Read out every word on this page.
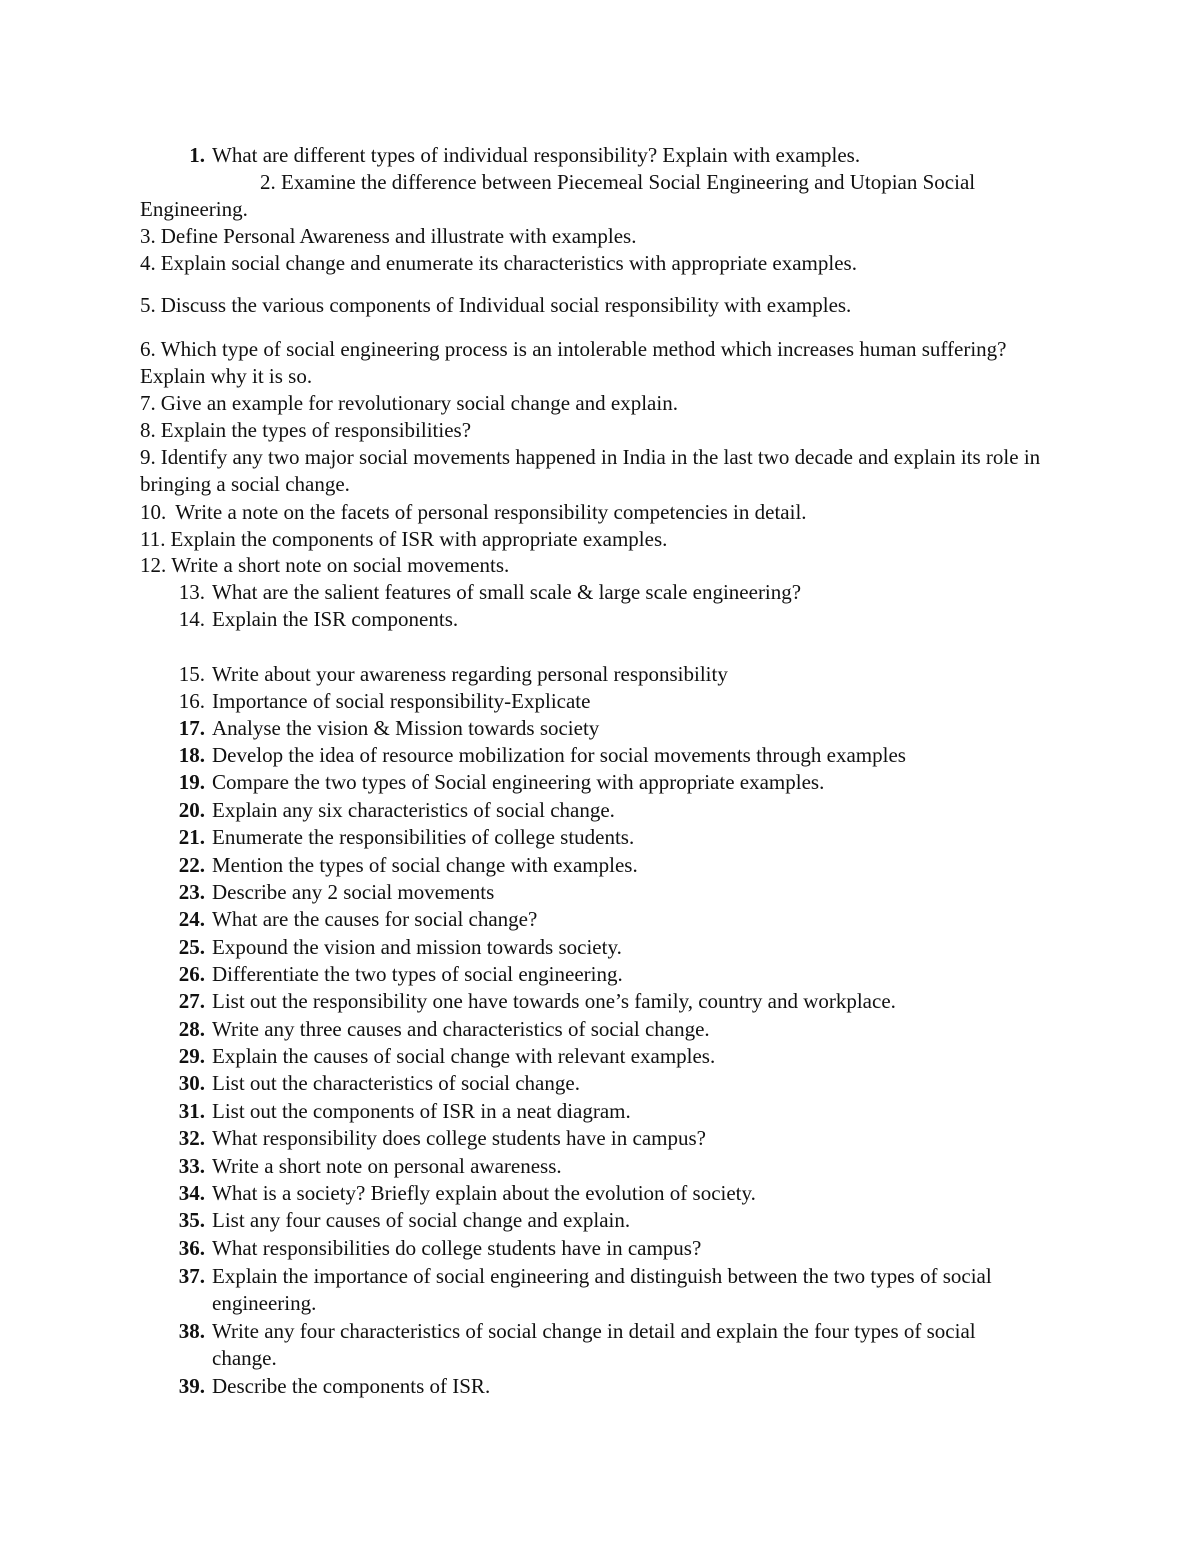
1. What are different types of individual responsibility? Explain with examples.

2. Examine the difference between Piecemeal Social Engineering and Utopian Social Engineering.

3. Define Personal Awareness and illustrate with examples.

4. Explain social change and enumerate its characteristics with appropriate examples.

5. Discuss the various components of Individual social responsibility with examples.

6. Which type of social engineering process is an intolerable method which increases human suffering? Explain why it is so.

7. Give an example for revolutionary social change and explain.

8. Explain the types of responsibilities?

9. Identify any two major social movements happened in India in the last two decade and explain its role in bringing a social change.

10. Write a note on the facets of personal responsibility competencies in detail.

11. Explain the components of ISR with appropriate examples.

12. Write a short note on social movements.

13. What are the salient features of small scale & large scale engineering?

14. Explain the ISR components.

15. Write about your awareness regarding personal responsibility

16. Importance of social responsibility-Explicate

17. Analyse the vision & Mission towards society

18. Develop the idea of resource mobilization for social movements through examples

19. Compare the two types of Social engineering with appropriate examples.

20. Explain any six characteristics of social change.

21. Enumerate the responsibilities of college students.

22. Mention the types of social change with examples.

23. Describe any 2 social movements

24. What are the causes for social change?

25. Expound the vision and mission towards society.

26. Differentiate the two types of social engineering.

27. List out the responsibility one have towards one’s family, country and workplace.

28. Write any three causes and characteristics of social change.

29. Explain the causes of social change with relevant examples.

30. List out the characteristics of social change.

31. List out the components of ISR in a neat diagram.

32. What responsibility does college students have in campus?

33. Write a short note on personal awareness.

34. What is a society? Briefly explain about the evolution of society.

35. List any four causes of social change and explain.

36. What responsibilities do college students have in campus?

37. Explain the importance of social engineering and distinguish between the two types of social engineering.

38. Write any four characteristics of social change in detail and explain the four types of social change.

39. Describe the components of ISR.
